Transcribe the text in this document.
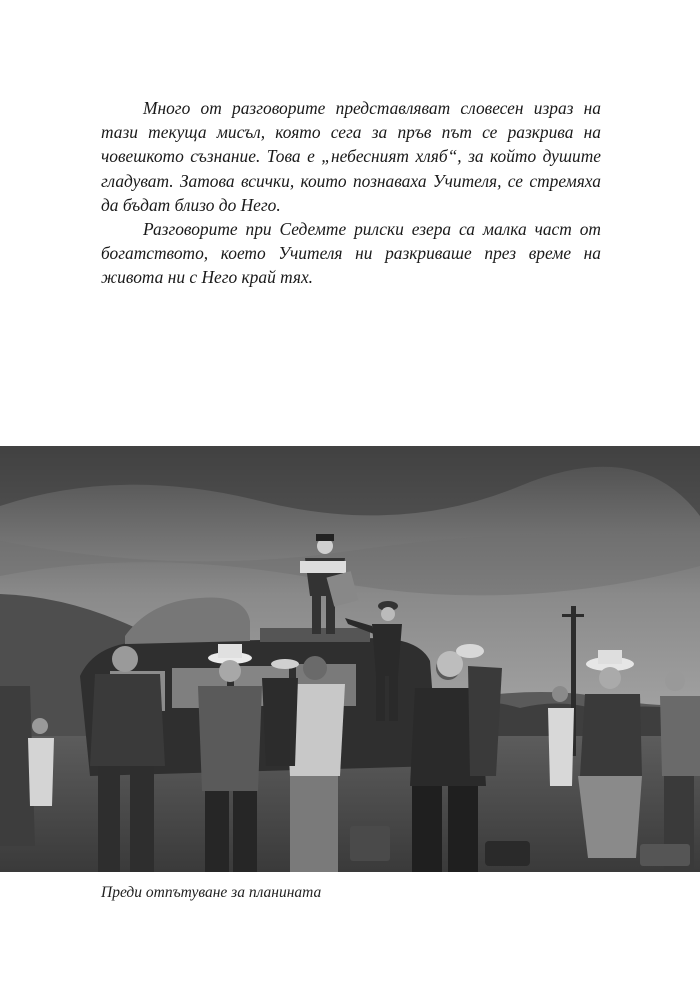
Много от разговорите представляват словесен израз на тази текуща мисъл, която сега за пръв път се разкрива на човешкото съзнание. Това е „небесният хляб“, за който душите гладуват. Затова всички, които познаваха Учителя, се стремяха да бъдат близо до Него.

Разговорите при Седемте рилски езера са малка част от богатството, което Учителя ни разкриваше през време на живота ни с Него край тях.

Преди отпътуване за планината
